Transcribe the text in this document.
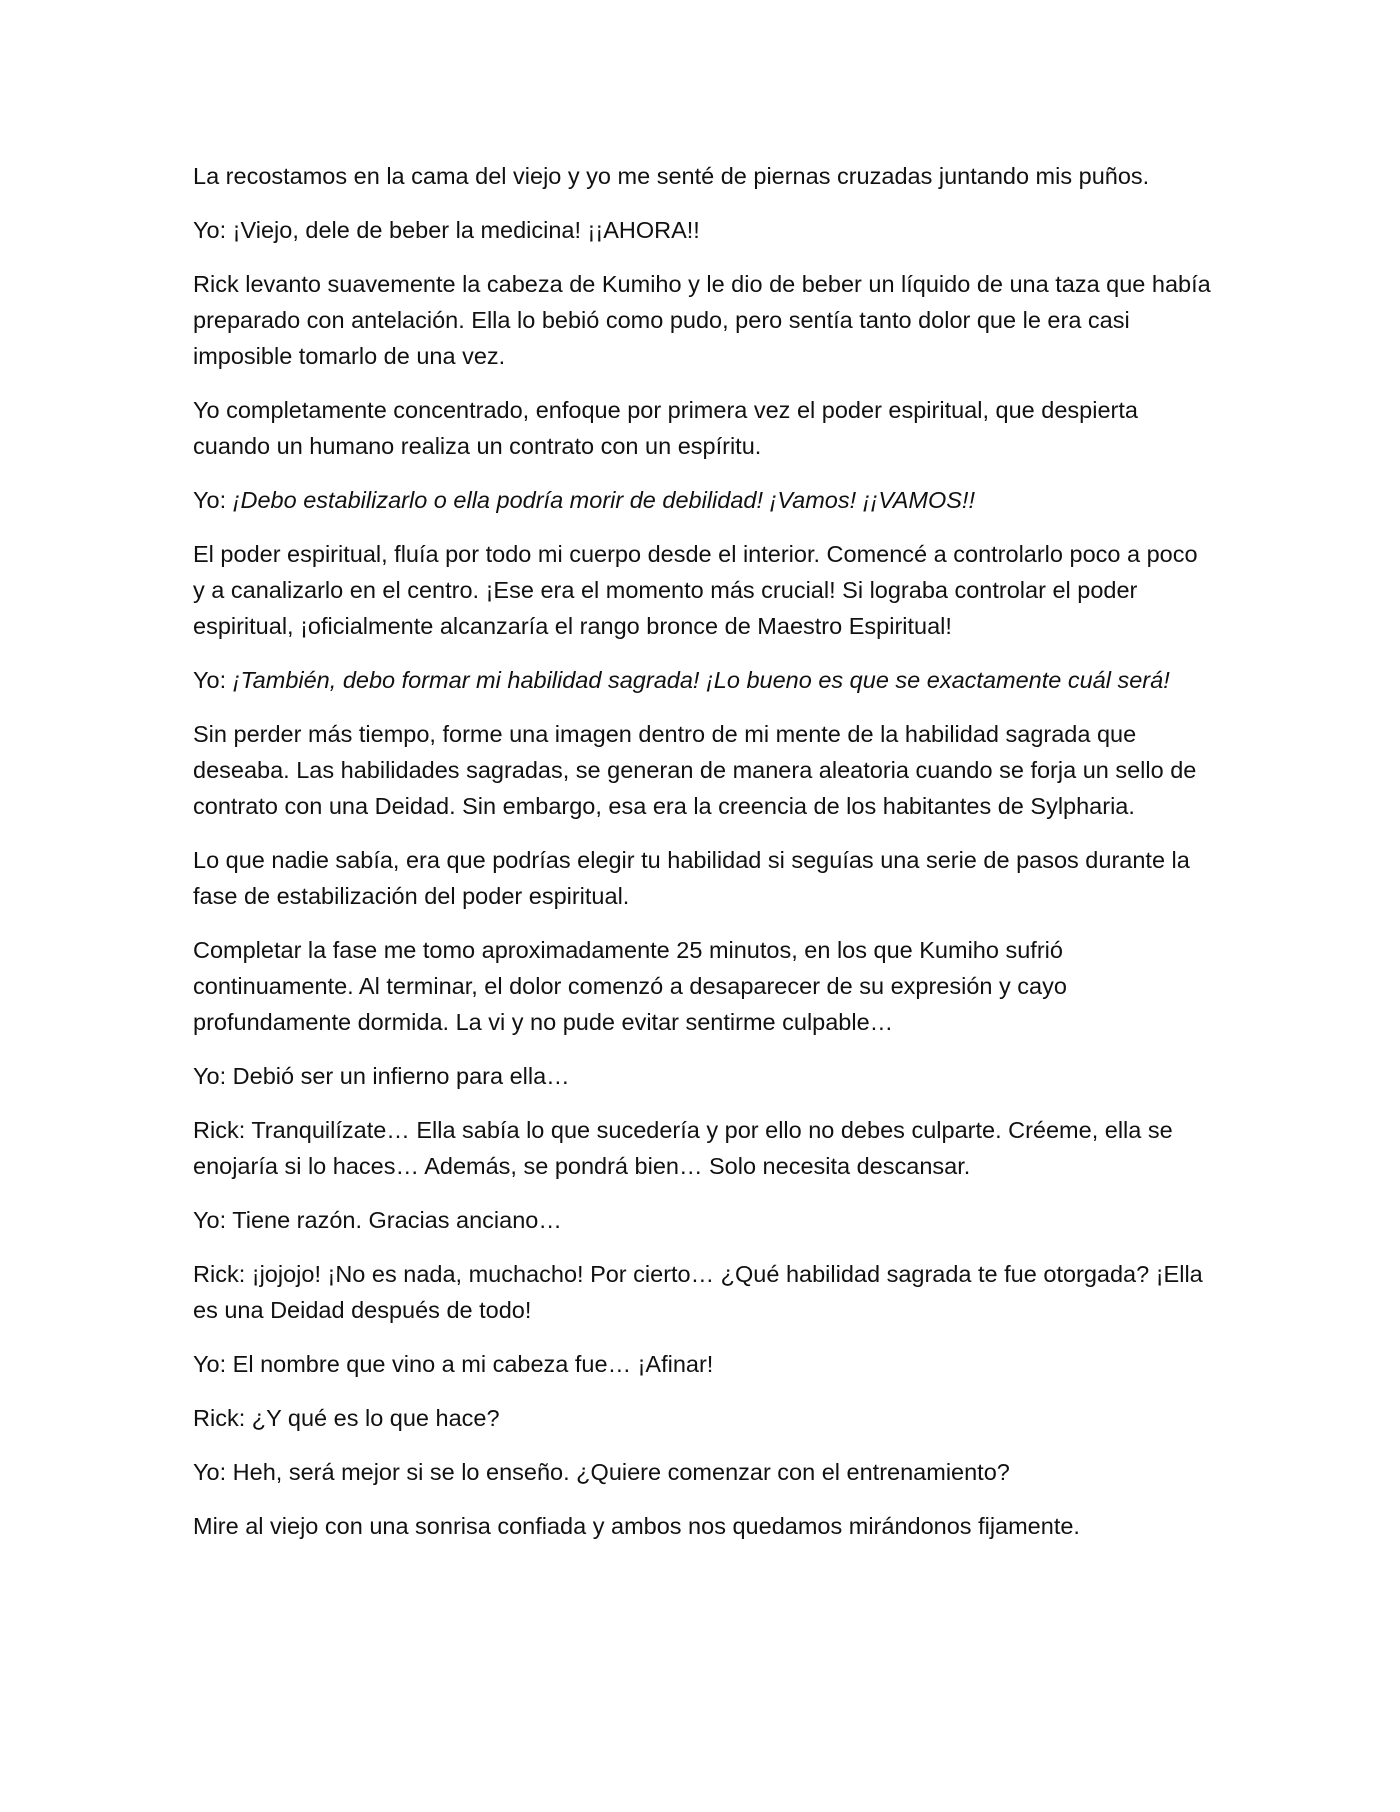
La recostamos en la cama del viejo y yo me senté de piernas cruzadas juntando mis puños.

Yo: ¡Viejo, dele de beber la medicina! ¡¡AHORA!!

Rick levanto suavemente la cabeza de Kumiho y le dio de beber un líquido de una taza que había preparado con antelación. Ella lo bebió como pudo, pero sentía tanto dolor que le era casi imposible tomarlo de una vez.

Yo completamente concentrado, enfoque por primera vez el poder espiritual, que despierta cuando un humano realiza un contrato con un espíritu.

Yo: ¡Debo estabilizarlo o ella podría morir de debilidad! ¡Vamos! ¡¡VAMOS!!

El poder espiritual, fluía por todo mi cuerpo desde el interior. Comencé a controlarlo poco a poco y a canalizarlo en el centro. ¡Ese era el momento más crucial! Si lograba controlar el poder espiritual, ¡oficialmente alcanzaría el rango bronce de Maestro Espiritual!

Yo: ¡También, debo formar mi habilidad sagrada! ¡Lo bueno es que se exactamente cuál será!

Sin perder más tiempo, forme una imagen dentro de mi mente de la habilidad sagrada que deseaba. Las habilidades sagradas, se generan de manera aleatoria cuando se forja un sello de contrato con una Deidad. Sin embargo, esa era la creencia de los habitantes de Sylpharia.

Lo que nadie sabía, era que podrías elegir tu habilidad si seguías una serie de pasos durante la fase de estabilización del poder espiritual.

Completar la fase me tomo aproximadamente 25 minutos, en los que Kumiho sufrió continuamente. Al terminar, el dolor comenzó a desaparecer de su expresión y cayo profundamente dormida. La vi y no pude evitar sentirme culpable…

Yo: Debió ser un infierno para ella…

Rick: Tranquilízate… Ella sabía lo que sucedería y por ello no debes culparte. Créeme, ella se enojaría si lo haces… Además, se pondrá bien… Solo necesita descansar.

Yo: Tiene razón. Gracias anciano…

Rick: ¡jojojo! ¡No es nada, muchacho! Por cierto… ¿Qué habilidad sagrada te fue otorgada? ¡Ella es una Deidad después de todo!

Yo: El nombre que vino a mi cabeza fue… ¡Afinar!

Rick: ¿Y qué es lo que hace?

Yo: Heh, será mejor si se lo enseño. ¿Quiere comenzar con el entrenamiento?

Mire al viejo con una sonrisa confiada y ambos nos quedamos mirándonos fijamente.
